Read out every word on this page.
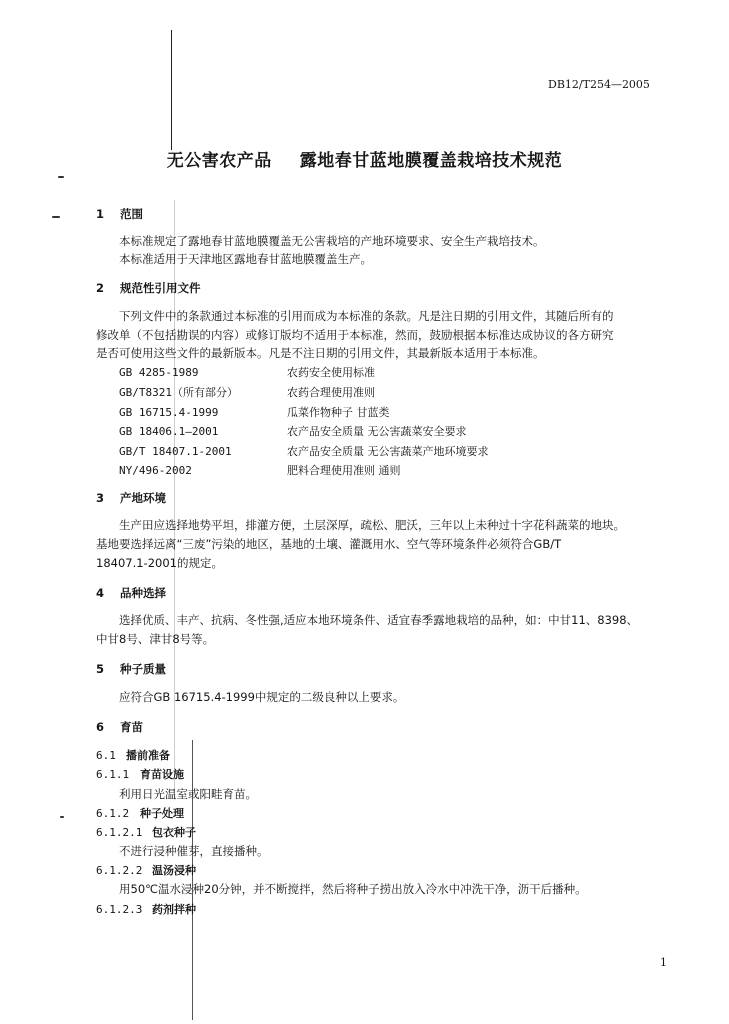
DB12/T254—2005
无公害农产品 露地春甘蓝地膜覆盖栽培技术规范
1 范围
本标准规定了露地春甘蓝地膜覆盖无公害栽培的产地环境要求、安全生产栽培技术。
本标准适用于天津地区露地春甘蓝地膜覆盖生产。
2 规范性引用文件
下列文件中的条款通过本标准的引用而成为本标准的条款。凡是注日期的引用文件，其随后所有的
修改单（不包括勘误的内容）或修订版均不适用于本标准，然而，鼓励根据本标准达成协议的各方研究
是否可使用这些文件的最新版本。凡是不注日期的引用文件，其最新版本适用于本标准。
GB 4285-1989	农药安全使用标准
GB/T8321（所有部分）	农药合理使用准则
GB 16715.4-1999	瓜菜作物种子 甘蓝类
GB 18406.1—2001	农产品安全质量 无公害蔬菜安全要求
GB/T 18407.1-2001	农产品安全质量 无公害蔬菜产地环境要求
NY/496-2002	肥料合理使用准则 通则
3 产地环境
生产田应选择地势平坦，排灌方便，土层深厚，疏松、肥沃，三年以上未种过十字花科蔬菜的地块。
基地要选择远离“三废”污染的地区，基地的土壤、灌溉用水、空气等环境条件必须符合GB/T
18407.1-2001的规定。
4 品种选择
选择优质、丰产、抗病、冬性强,适应本地环境条件、适宜春季露地栽培的品种，如：中甘11、8398、
中甘8号、津甘8号等。
5 种子质量
应符合GB 16715.4-1999中规定的二级良种以上要求。
6 育苗
6.1 播前准备
6.1.1 育苗设施
利用日光温室或阳畦育苗。
6.1.2 种子处理
6.1.2.1 包衣种子
不进行浸种催芽，直接播种。
6.1.2.2 温汤浸种
用50℃温水浸种20分钟，并不断搅拌，然后将种子捞出放入冷水中冲洗干净，沥干后播种。
6.1.2.3 药剂拌种
1
